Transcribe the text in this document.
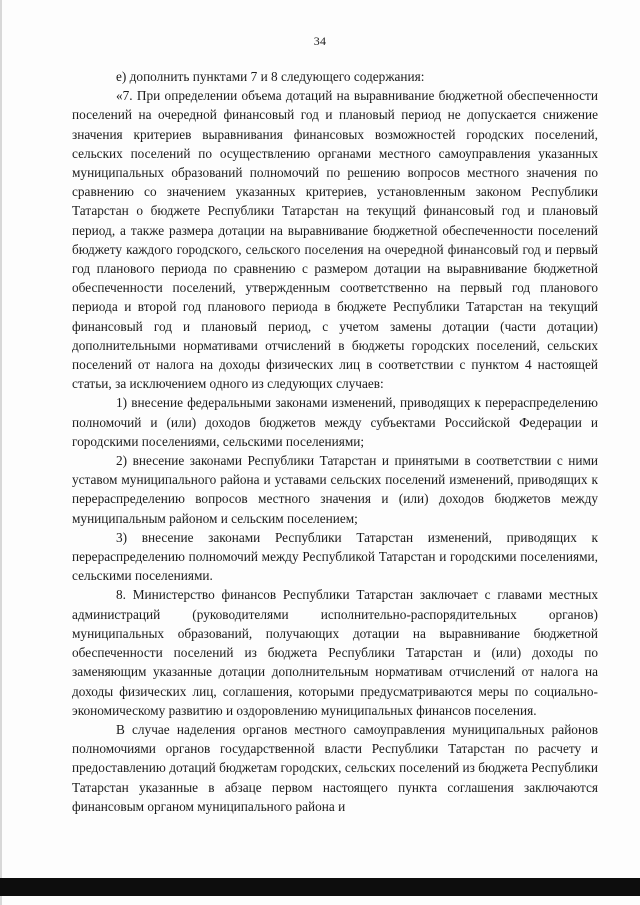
34

е) дополнить пунктами 7 и 8 следующего содержания:

«7. При определении объема дотаций на выравнивание бюджетной обеспеченности поселений на очередной финансовый год и плановый период не допускается снижение значения критериев выравнивания финансовых возможностей городских поселений, сельских поселений по осуществлению органами местного самоуправления указанных муниципальных образований полномочий по решению вопросов местного значения по сравнению со значением указанных критериев, установленным законом Республики Татарстан о бюджете Республики Татарстан на текущий финансовый год и плановый период, а также размера дотации на выравнивание бюджетной обеспеченности поселений бюджету каждого городского, сельского поселения на очередной финансовый год и первый год планового периода по сравнению с размером дотации на выравнивание бюджетной обеспеченности поселений, утвержденным соответственно на первый год планового периода и второй год планового периода в бюджете Республики Татарстан на текущий финансовый год и плановый период, с учетом замены дотации (части дотации) дополнительными нормативами отчислений в бюджеты городских поселений, сельских поселений от налога на доходы физических лиц в соответствии с пунктом 4 настоящей статьи, за исключением одного из следующих случаев:

1) внесение федеральными законами изменений, приводящих к перераспределению полномочий и (или) доходов бюджетов между субъектами Российской Федерации и городскими поселениями, сельскими поселениями;

2) внесение законами Республики Татарстан и принятыми в соответствии с ними уставом муниципального района и уставами сельских поселений изменений, приводящих к перераспределению вопросов местного значения и (или) доходов бюджетов между муниципальным районом и сельским поселением;

3) внесение законами Республики Татарстан изменений, приводящих к перераспределению полномочий между Республикой Татарстан и городскими поселениями, сельскими поселениями.

8. Министерство финансов Республики Татарстан заключает с главами местных администраций (руководителями исполнительно-распорядительных органов) муниципальных образований, получающих дотации на выравнивание бюджетной обеспеченности поселений из бюджета Республики Татарстан и (или) доходы по заменяющим указанные дотации дополнительным нормативам отчислений от налога на доходы физических лиц, соглашения, которыми предусматриваются меры по социально-экономическому развитию и оздоровлению муниципальных финансов поселения.

В случае наделения органов местного самоуправления муниципальных районов полномочиями органов государственной власти Республики Татарстан по расчету и предоставлению дотаций бюджетам городских, сельских поселений из бюджета Республики Татарстан указанные в абзаце первом настоящего пункта соглашения заключаются финансовым органом муниципального района и
